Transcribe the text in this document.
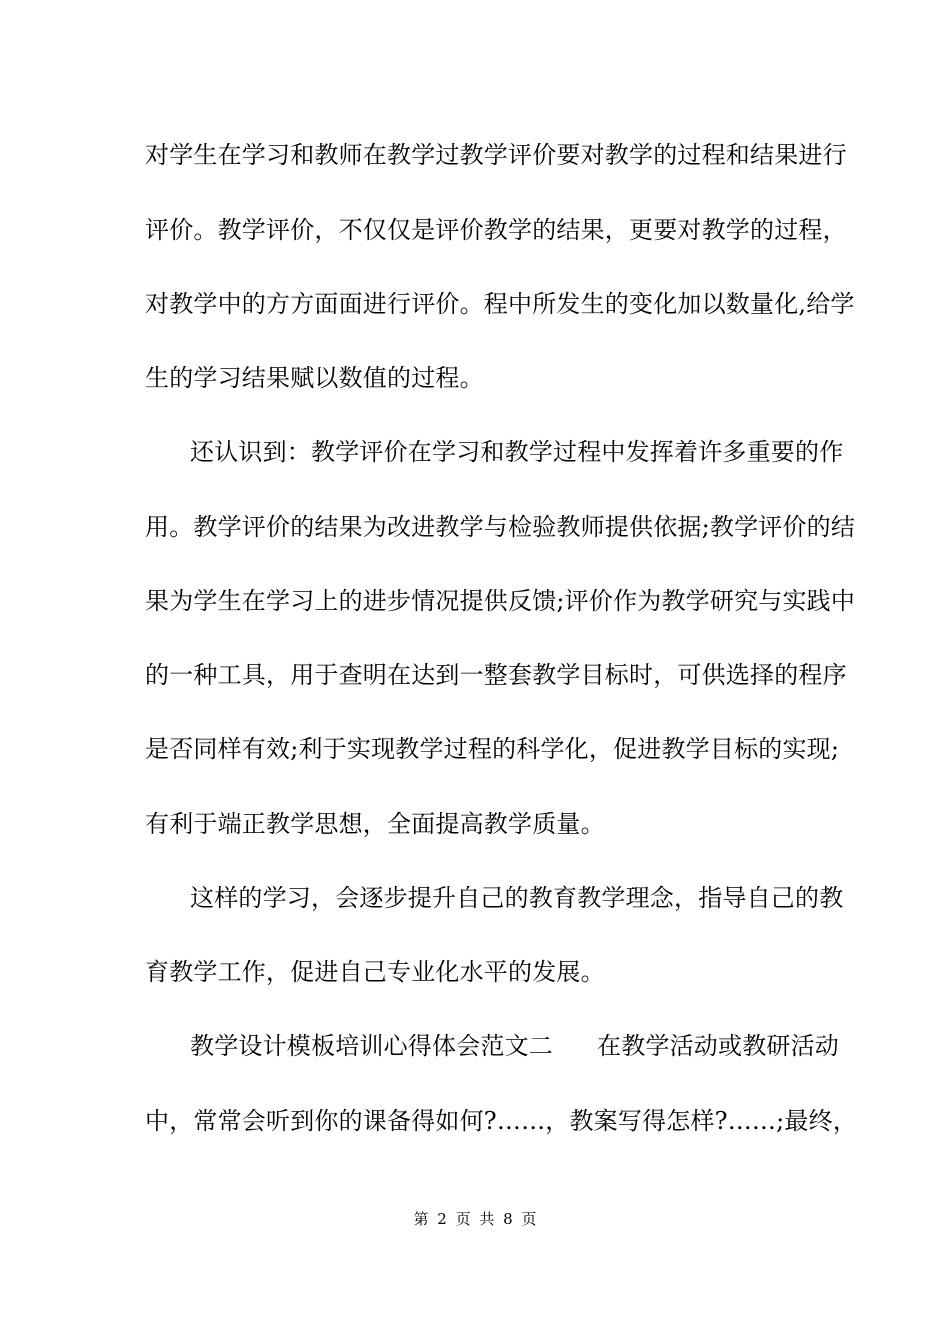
对学生在学习和教师在教学过教学评价要对教学的过程和结果进行
评价。教学评价，不仅仅是评价教学的结果，更要对教学的过程，
对教学中的方方面面进行评价。程中所发生的变化加以数量化,给学
生的学习结果赋以数值的过程。
还认识到：教学评价在学习和教学过程中发挥着许多重要的作
用。教学评价的结果为改进教学与检验教师提供依据;教学评价的结
果为学生在学习上的进步情况提供反馈;评价作为教学研究与实践中
的一种工具，用于查明在达到一整套教学目标时，可供选择的程序
是否同样有效;利于实现教学过程的科学化，促进教学目标的实现;
有利于端正教学思想，全面提高教学质量。
这样的学习，会逐步提升自己的教育教学理念，指导自己的教
育教学工作，促进自己专业化水平的发展。
教学设计模板培训心得体会范文二 在教学活动或教研活动
中，常常会听到你的课备得如何?……，教案写得怎样?……;最终，
第 2 页 共 8 页
